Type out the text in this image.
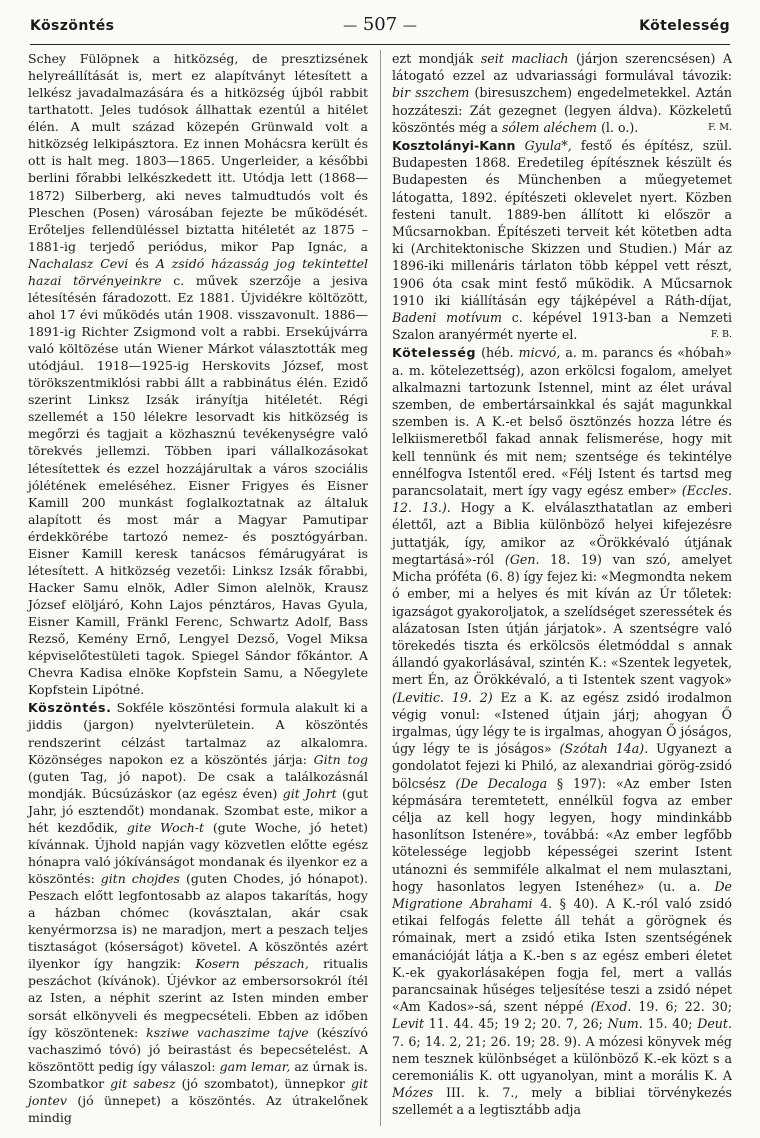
Köszöntés	— 507 —	Kötelesség

Schey Fülöpnek a hitközség, de presztizsének helyreállítását is, mert ez alapítványt létesített a lelkész javadalmazására és a hitközség újból rabbit tarthatott. Jeles tudósok állhattak ezentúl a hitélet élén. A mult század közepén Grünwald volt a hitközség lelkipásztora. Ez innen Mohácsra került és ott is halt meg. 1803—1865. Ungerleider, a későbbi berlini főrabbi lelkészkedett itt. Utódja lett (1868—1872) Silberberg, aki neves talmudtudós volt és Pleschen (Posen) városában fejezte be működését. Erőteljes fellendüléssel biztatta hitéletét az 1875 – 1881-ig terjedő periódus, mikor Pap Ignác, a Nachalasz Cevi és A zsidó házasság jog tekintettel hazai törvényeinkre c. művek szerzője a jesiva létesítésén fáradozott. Ez 1881. Újvidékre költözött, ahol 17 évi működés után 1908. visszavonult. 1886—1891-ig Richter Zsigmond volt a rabbi. Ersekújvárra való költözése után Wiener Márkot választották meg utódjául. 1918—1925-ig Herskovits József, most törökszentmiklósi rabbi állt a rabbinátus élén. Ezidő szerint Linksz Izsák irányítja hitéletét. Régi szellemét a 150 lélekre lesorvadt kis hitközség is megőrzi és tagjait a közhasznú tevékenységre való törekvés jellemzi. Többen ipari vállalkozásokat létesítettek és ezzel hozzájárultak a város szociális jólétének emeléséhez. Eisner Frigyes és Eisner Kamill 200 munkást foglalkoztatnak az általuk alapított és most már a Magyar Pamutipar érdekkörébe tartozó nemez- és posztógyárban. Eisner Kamill keresk tanácsos fémárugyárat is létesített. A hitközség vezetői: Linksz Izsák főrabbi, Hacker Samu elnök, Adler Simon alelnök, Krausz József elöljáró, Kohn Lajos pénztáros, Havas Gyula, Eisner Kamill, Fränkl Ferenc, Schwartz Adolf, Bass Rezső, Kemény Ernő, Lengyel Dezső, Vogel Miksa képviselőtestületi tagok. Spiegel Sándor főkántor. A Chevra Kadisa elnöke Kopfstein Samu, a Nőegylete Kopfstein Lipótné.

Köszöntés. Sokféle köszöntési formula alakult ki a jiddis (jargon) nyelvterületein. A köszöntés rendszerint célzást tartalmaz az alkalomra. Közönséges napokon ez a köszöntés járja: Gitn tog (guten Tag, jó napot). De csak a találkozásnál mondják. Búcsúzáskor (az egész éven) git Johrt (gut Jahr, jó esztendőt) mondanak. Szombat este, mikor a hét kezdődik, gite Woch-t (gute Woche, jó hetet) kívánnak. Újhold napján vagy közvetlen előtte egész hónapra való jókívánságot mondanak és ilyenkor ez a köszöntés: gitn chojdes (guten Chodes, jó hónapot). Peszach előtt legfontosabb az alapos takarítás, hogy a házban chómec (kovásztalan, akár csak kenyérmorzsa is) ne maradjon, mert a peszach teljes tisztaságot (kóserságot) követel. A köszöntés azért ilyenkor így hangzik: Kosern pészach, ritualis peszáchot (kívánok). Újévkor az embersorsokról ítél az Isten, a néphit szerint az Isten minden ember sorsát elkönyveli és megpecsételi. Ebben az időben így köszöntenek: ksziwe vachaszime tajve (készívó vachaszimó tóvó) jó beirastást és bepecsételést. A köszöntött pedig így válaszol: gam lemar, az úrnak is. Szombatkor git sabesz (jó szombatot), ünnepkor git jontev (jó ünnepet) a köszöntés. Az útrakelőnek mindig

ezt mondják seit macliach (járjon szerencsésen) A látogató ezzel az udvariassági formulával távozik: bir sszchem (biresuszchem) engedelmetekkel. Aztán hozzáteszi: Zát gezegnet (legyen áldva). Közkeletű köszöntés még a sólem aléchem (l. o.).	F. M.

Kosztolányi-Kann Gyula*, festő és építész, szül. Budapesten 1868. Eredetileg építésznek készült és Budapesten és Münchenben a műegyetemet látogatta, 1892. építészeti oklevelet nyert. Közben festeni tanult. 1889-ben állított ki először a Műcsarnokban. Építészeti terveit két kötetben adta ki (Architektonische Skizzen und Studien.) Már az 1896-iki millenáris tárlaton több képpel vett részt, 1906 óta csak mint festő működik. A Műcsarnok 1910 iki kiállításán egy tájképével a Ráth-díjat, Badeni motívum c. képével 1913-ban a Nemzeti Szalon aranyérmét nyerte el.	F. B.

Kötelesség (héb. micvó, a. m. parancs és «hóbah» a. m. kötelezettség), azon erkölcsi fogalom, amelyet alkalmazni tartozunk Istennel, mint az élet urával szemben, de embertársainkkal és saját magunkkal szemben is. A K.-et belső ösztönzés hozza létre és lelkiismeretből fakad annak felismerése, hogy mit kell tennünk és mit nem; szentsége és tekintélye ennélfogva Istentől ered. «Félj Istent és tartsd meg parancsolatait, mert így vagy egész ember» (Eccles. 12. 13.). Hogy a K. elválaszthatatlan az emberi élettől, azt a Biblia különböző helyei kifejezésre juttatják, így, amikor az «Örökkévaló útjának megtartásá»-ról (Gen. 18. 19) van szó, amelyet Micha próféta (6. 8) így fejez ki: «Megmondta nekem ó ember, mi a helyes és mit kíván az Úr tőletek: igazságot gyakoroljatok, a szelídséget szeressétek és alázatosan Isten útján járjatok». A szentségre való törekedés tiszta és erkölcsös életmóddal s annak állandó gyakorlásával, szintén K.: «Szentek legyetek, mert Én, az Örökkévaló, a ti Istentek szent vagyok» (Levitic. 19. 2) Ez a K. az egész zsidó irodalmon végig vonul: «Istened útjain járj; ahogyan Ő irgalmas, úgy légy te is irgalmas, ahogyan Ő jóságos, úgy légy te is jóságos» (Szótah 14a). Ugyanezt a gondolatot fejezi ki Philó, az alexandriai görög-zsidó bölcsész (De Decaloga § 197): «Az ember Isten képmására teremtetett, ennélkül fogva az ember célja az kell hogy legyen, hogy mindinkább hasonlítson Istenére», továbbá: «Az ember legfőbb kötelessége legjobb képességei szerint Istent utánozni és semmiféle alkalmat el nem mulasztani, hogy hasonlatos legyen Istenéhez» (u. a. De Migratione Abrahami 4. § 40). A K.-ról való zsidó etikai felfogás felette áll tehát a görögnek és rómainak, mert a zsidó etika Isten szentségének emanációját látja a K.-ben s az egész emberi életet K.-ek gyakorlásaképen fogja fel, mert a vallás parancsainak hűséges teljesítése teszi a zsidó népet «Am Kados»-sá, szent néppé (Exod. 19. 6; 22. 30; Levit 11. 44. 45; 19 2; 20. 7, 26; Num. 15. 40; Deut. 7. 6; 14. 2, 21; 26. 19; 28. 9). A mózesi könyvek még nem tesznek különbséget a különböző K.-ek közt s a ceremoniális K. ott ugyanolyan, mint a morális K. A Mózes III. k. 7., mely a bibliai törvénykezés szellemét a a legtisztább adja
